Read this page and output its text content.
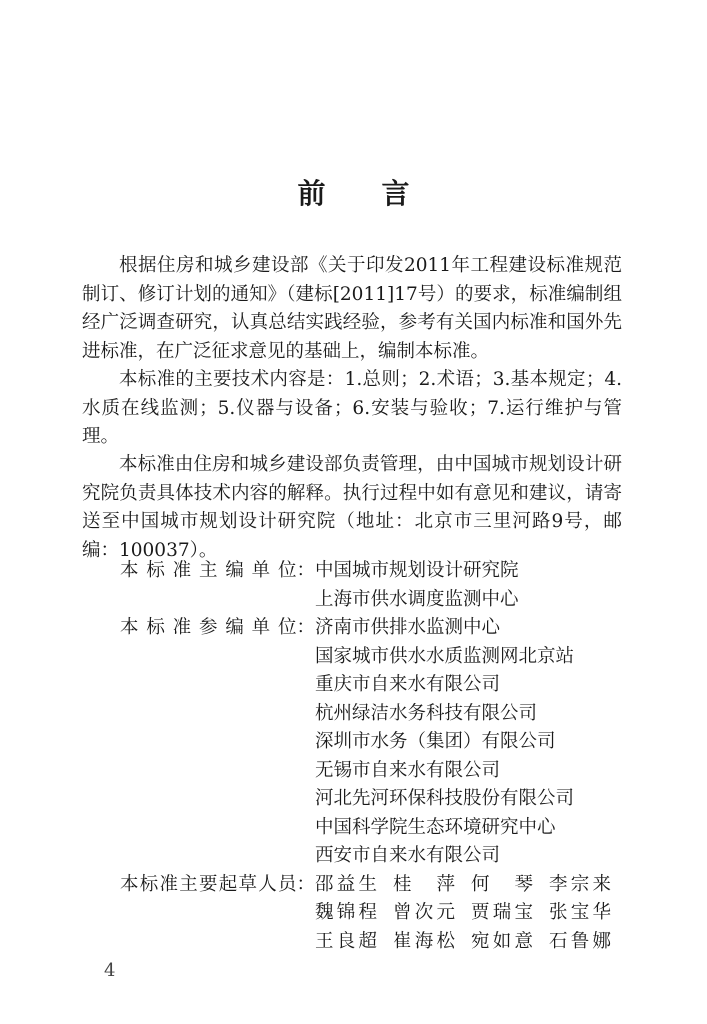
前言

根据住房和城乡建设部《关于印发2011年工程建设标准规范制订、修订计划的通知》（建标[2011]17号）的要求，标准编制组经广泛调查研究，认真总结实践经验，参考有关国内标准和国外先进标准，在广泛征求意见的基础上，编制本标准。

本标准的主要技术内容是：1.总则；2.术语；3.基本规定；4.水质在线监测；5.仪器与设备；6.安装与验收；7.运行维护与管理。

本标准由住房和城乡建设部负责管理，由中国城市规划设计研究院负责具体技术内容的解释。执行过程中如有意见和建议，请寄送至中国城市规划设计研究院（地址：北京市三里河路9号，邮编：100037）。

本标准主编单位 ： 中国城市规划设计研究院
上海市供水调度监测中心
本标准参编单位 ： 济南市供排水监测中心
国家城市供水水质监测网北京站
重庆市自来水有限公司
杭州绿洁水务科技有限公司
深圳市水务（集团）有限公司
无锡市自来水有限公司
河北先河环保科技股份有限公司
中国科学院生态环境研究中心
西安市自来水有限公司
本标准主要起草人员 ： 邵益生 桂萍 何琴 李宗来
魏锦程 曾次元 贾瑞宝 张宝华
王良超 崔海松 宛如意 石鲁娜
4
